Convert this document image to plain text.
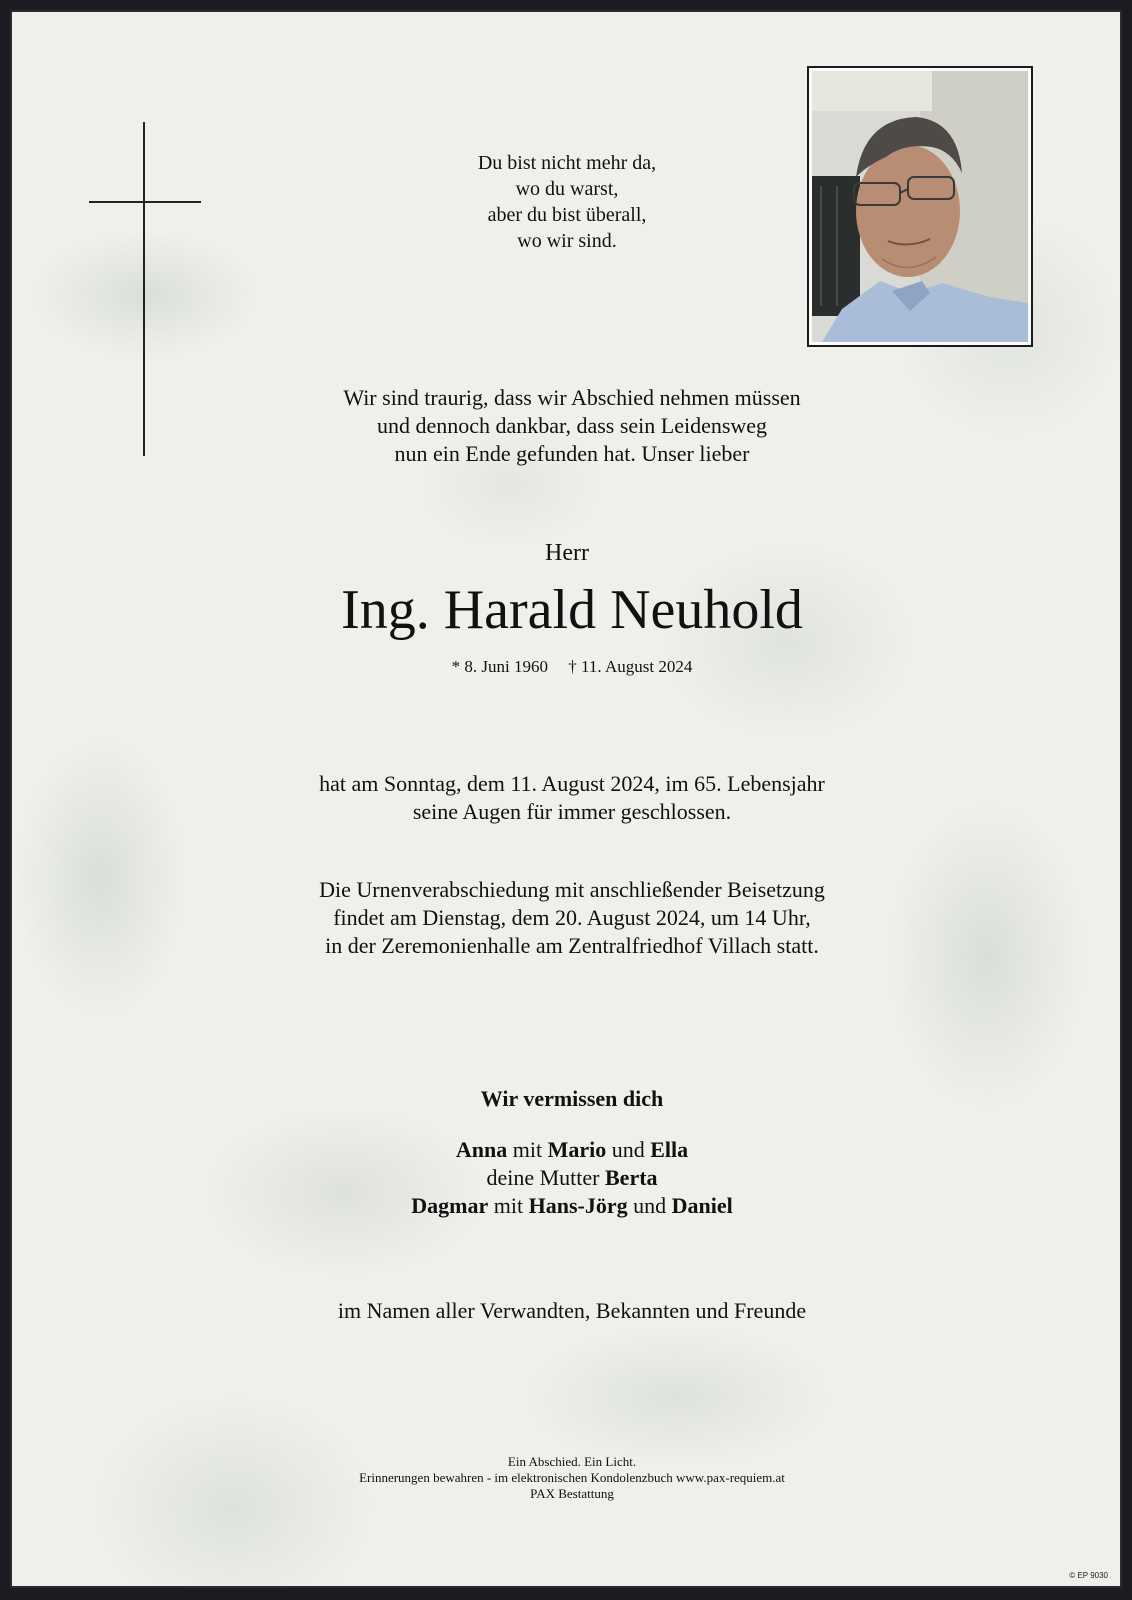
Du bist nicht mehr da,
wo du warst,
aber du bist überall,
wo wir sind.
Wir sind traurig, dass wir Abschied nehmen müssen
und dennoch dankbar, dass sein Leidensweg
nun ein Ende gefunden hat. Unser lieber
Herr
Ing. Harald Neuhold
* 8. Juni 1960 † 11. August 2024
hat am Sonntag, dem 11. August 2024, im 65. Lebensjahr
seine Augen für immer geschlossen.
Die Urnenverabschiedung mit anschließender Beisetzung
findet am Dienstag, dem 20. August 2024, um 14 Uhr,
in der Zeremonienhalle am Zentralfriedhof Villach statt.
Wir vermissen dich
Anna mit Mario und Ella
deine Mutter Berta
Dagmar mit Hans-Jörg und Daniel
im Namen aller Verwandten, Bekannten und Freunde
Ein Abschied. Ein Licht.
Erinnerungen bewahren - im elektronischen Kondolenzbuch www.pax-requiem.at
PAX Bestattung
© EP 9030
